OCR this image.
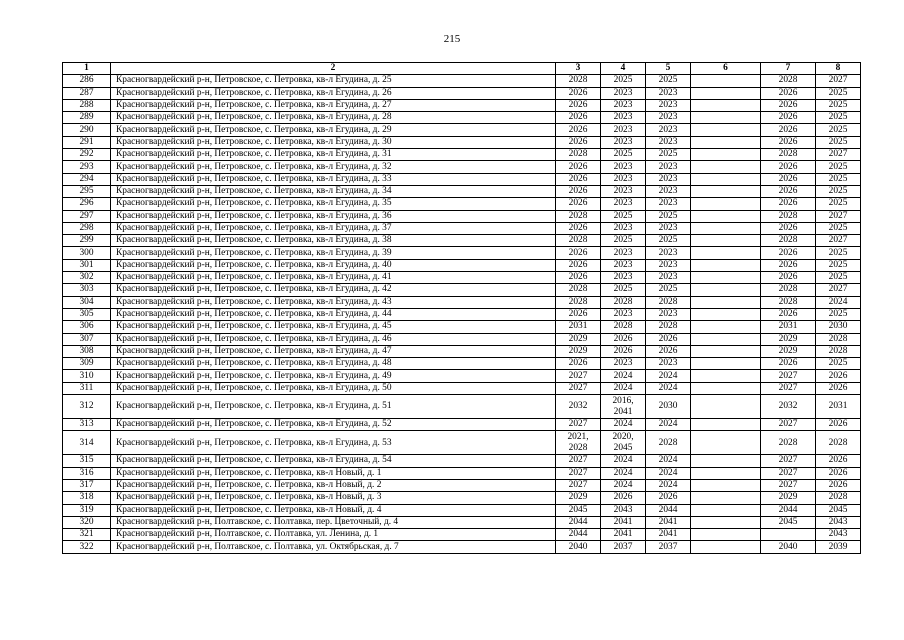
215
1	2	3	4	5	6	7	8
286	Красногвардейский р-н, Петровское, с. Петровка, кв-л Егудина, д. 25	2028	2025	2025		2028	2027
287	Красногвардейский р-н, Петровское, с. Петровка, кв-л Егудина, д. 26	2026	2023	2023		2026	2025
288	Красногвардейский р-н, Петровское, с. Петровка, кв-л Егудина, д. 27	2026	2023	2023		2026	2025
289	Красногвардейский р-н, Петровское, с. Петровка, кв-л Егудина, д. 28	2026	2023	2023		2026	2025
290	Красногвардейский р-н, Петровское, с. Петровка, кв-л Егудина, д. 29	2026	2023	2023		2026	2025
291	Красногвардейский р-н, Петровское, с. Петровка, кв-л Егудина, д. 30	2026	2023	2023		2026	2025
292	Красногвардейский р-н, Петровское, с. Петровка, кв-л Егудина, д. 31	2028	2025	2025		2028	2027
293	Красногвардейский р-н, Петровское, с. Петровка, кв-л Егудина, д. 32	2026	2023	2023		2026	2025
294	Красногвардейский р-н, Петровское, с. Петровка, кв-л Егудина, д. 33	2026	2023	2023		2026	2025
295	Красногвардейский р-н, Петровское, с. Петровка, кв-л Егудина, д. 34	2026	2023	2023		2026	2025
296	Красногвардейский р-н, Петровское, с. Петровка, кв-л Егудина, д. 35	2026	2023	2023		2026	2025
297	Красногвардейский р-н, Петровское, с. Петровка, кв-л Егудина, д. 36	2028	2025	2025		2028	2027
298	Красногвардейский р-н, Петровское, с. Петровка, кв-л Егудина, д. 37	2026	2023	2023		2026	2025
299	Красногвардейский р-н, Петровское, с. Петровка, кв-л Егудина, д. 38	2028	2025	2025		2028	2027
300	Красногвардейский р-н, Петровское, с. Петровка, кв-л Егудина, д. 39	2026	2023	2023		2026	2025
301	Красногвардейский р-н, Петровское, с. Петровка, кв-л Егудина, д. 40	2026	2023	2023		2026	2025
302	Красногвардейский р-н, Петровское, с. Петровка, кв-л Егудина, д. 41	2026	2023	2023		2026	2025
303	Красногвардейский р-н, Петровское, с. Петровка, кв-л Егудина, д. 42	2028	2025	2025		2028	2027
304	Красногвардейский р-н, Петровское, с. Петровка, кв-л Егудина, д. 43	2028	2028	2028		2028	2024
305	Красногвардейский р-н, Петровское, с. Петровка, кв-л Егудина, д. 44	2026	2023	2023		2026	2025
306	Красногвардейский р-н, Петровское, с. Петровка, кв-л Егудина, д. 45	2031	2028	2028		2031	2030
307	Красногвардейский р-н, Петровское, с. Петровка, кв-л Егудина, д. 46	2029	2026	2026		2029	2028
308	Красногвардейский р-н, Петровское, с. Петровка, кв-л Егудина, д. 47	2029	2026	2026		2029	2028
309	Красногвардейский р-н, Петровское, с. Петровка, кв-л Егудина, д. 48	2026	2023	2023		2026	2025
310	Красногвардейский р-н, Петровское, с. Петровка, кв-л Егудина, д. 49	2027	2024	2024		2027	2026
311	Красногвардейский р-н, Петровское, с. Петровка, кв-л Егудина, д. 50	2027	2024	2024		2027	2026
312	Красногвардейский р-н, Петровское, с. Петровка, кв-л Егудина, д. 51	2032	2016, 2041	2030		2032	2031
313	Красногвардейский р-н, Петровское, с. Петровка, кв-л Егудина, д. 52	2027	2024	2024		2027	2026
314	Красногвардейский р-н, Петровское, с. Петровка, кв-л Егудина, д. 53	2021, 2028	2020, 2045	2028		2028	2028
315	Красногвардейский р-н, Петровское, с. Петровка, кв-л Егудина, д. 54	2027	2024	2024		2027	2026
316	Красногвардейский р-н, Петровское, с. Петровка, кв-л Новый, д. 1	2027	2024	2024		2027	2026
317	Красногвардейский р-н, Петровское, с. Петровка, кв-л Новый, д. 2	2027	2024	2024		2027	2026
318	Красногвардейский р-н, Петровское, с. Петровка, кв-л Новый, д. 3	2029	2026	2026		2029	2028
319	Красногвардейский р-н, Петровское, с. Петровка, кв-л Новый, д. 4	2045	2043	2044		2044	2045
320	Красногвардейский р-н, Полтавское, с. Полтавка, пер. Цветочный, д. 4	2044	2041	2041		2045	2043
321	Красногвардейский р-н, Полтавское, с. Полтавка, ул. Ленина, д. 1	2044	2041	2041			2043
322	Красногвардейский р-н, Полтавское, с. Полтавка, ул. Октябрьская, д. 7	2040	2037	2037		2040	2039
